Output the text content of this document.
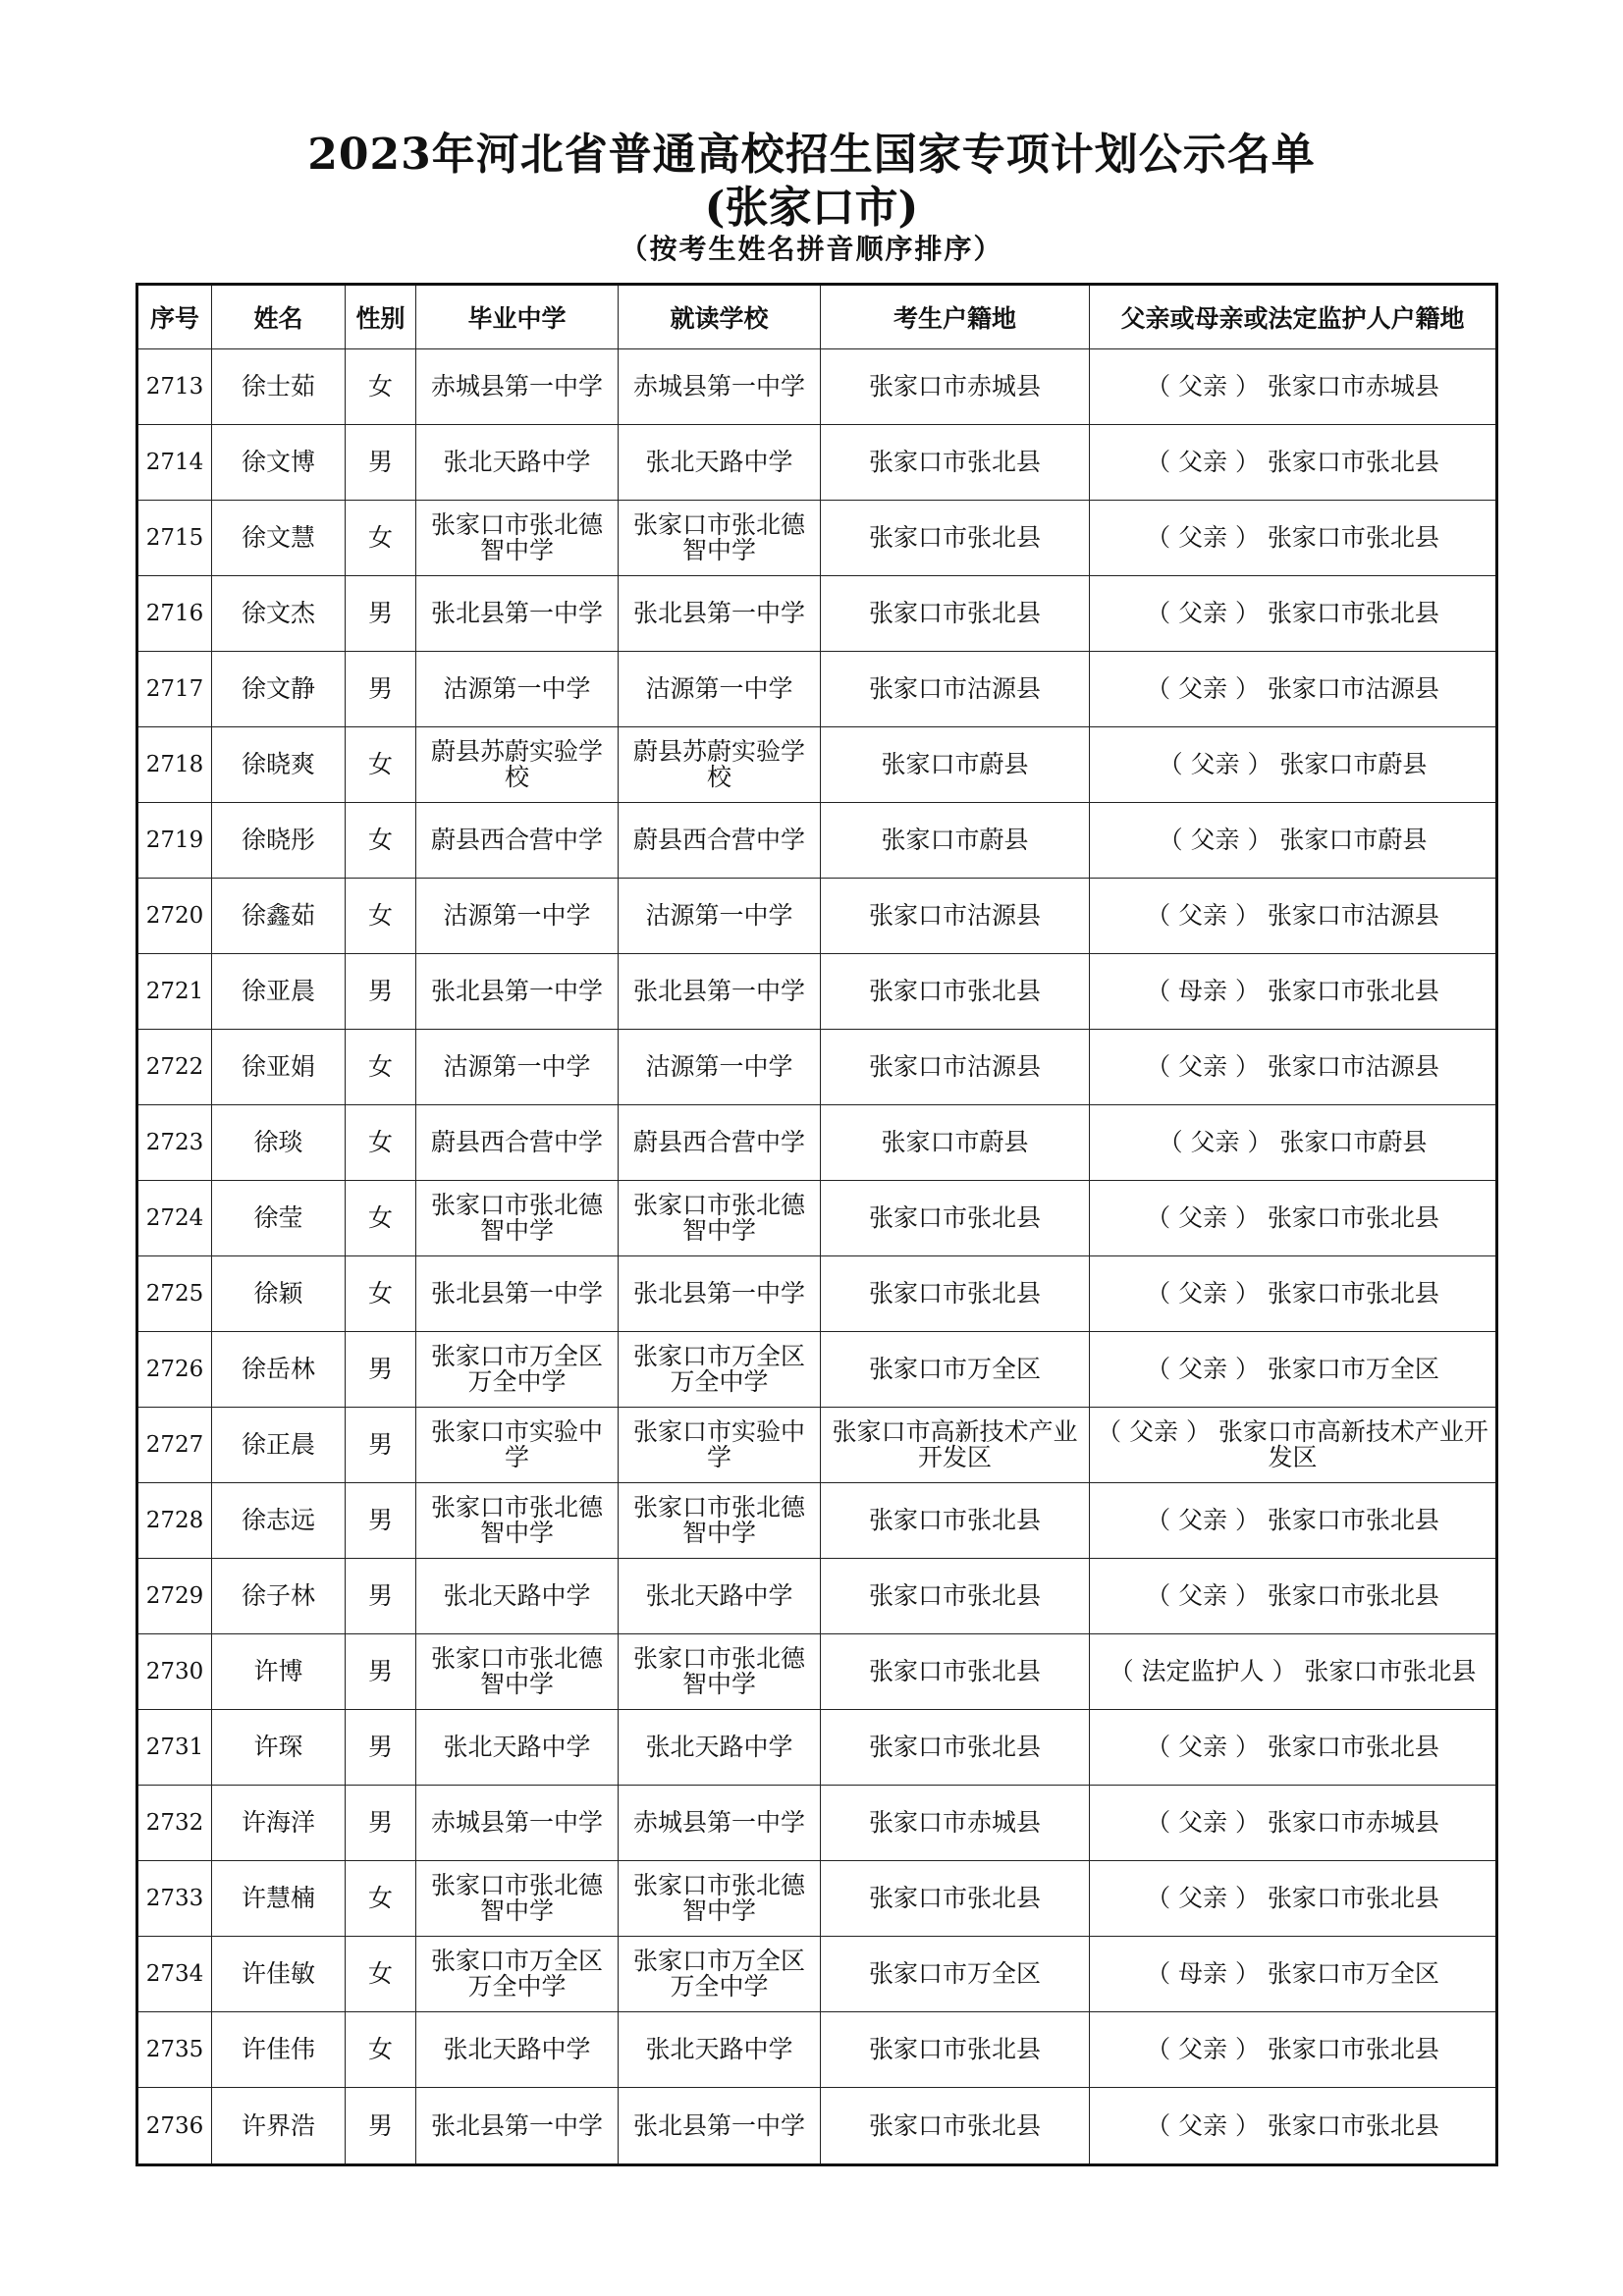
2023年河北省普通高校招生国家专项计划公示名单
(张家口市)
（按考生姓名拼音顺序排序）
序号	姓名	性别	毕业中学	就读学校	考生户籍地	父亲或母亲或法定监护人户籍地
2713	徐士茹	女	赤城县第一中学	赤城县第一中学	张家口市赤城县	（ 父亲 ） 张家口市赤城县
2714	徐文博	男	张北天路中学	张北天路中学	张家口市张北县	（ 父亲 ） 张家口市张北县
2715	徐文慧	女	张家口市张北德智中学	张家口市张北德智中学	张家口市张北县	（ 父亲 ） 张家口市张北县
2716	徐文杰	男	张北县第一中学	张北县第一中学	张家口市张北县	（ 父亲 ） 张家口市张北县
2717	徐文静	男	沽源第一中学	沽源第一中学	张家口市沽源县	（ 父亲 ） 张家口市沽源县
2718	徐晓爽	女	蔚县苏蔚实验学校	蔚县苏蔚实验学校	张家口市蔚县	（ 父亲 ） 张家口市蔚县
2719	徐晓彤	女	蔚县西合营中学	蔚县西合营中学	张家口市蔚县	（ 父亲 ） 张家口市蔚县
2720	徐鑫茹	女	沽源第一中学	沽源第一中学	张家口市沽源县	（ 父亲 ） 张家口市沽源县
2721	徐亚晨	男	张北县第一中学	张北县第一中学	张家口市张北县	（ 母亲 ） 张家口市张北县
2722	徐亚娟	女	沽源第一中学	沽源第一中学	张家口市沽源县	（ 父亲 ） 张家口市沽源县
2723	徐琰	女	蔚县西合营中学	蔚县西合营中学	张家口市蔚县	（ 父亲 ） 张家口市蔚县
2724	徐莹	女	张家口市张北德智中学	张家口市张北德智中学	张家口市张北县	（ 父亲 ） 张家口市张北县
2725	徐颖	女	张北县第一中学	张北县第一中学	张家口市张北县	（ 父亲 ） 张家口市张北县
2726	徐岳林	男	张家口市万全区万全中学	张家口市万全区万全中学	张家口市万全区	（ 父亲 ） 张家口市万全区
2727	徐正晨	男	张家口市实验中学	张家口市实验中学	张家口市高新技术产业开发区	（ 父亲 ） 张家口市高新技术产业开发区
2728	徐志远	男	张家口市张北德智中学	张家口市张北德智中学	张家口市张北县	（ 父亲 ） 张家口市张北县
2729	徐子林	男	张北天路中学	张北天路中学	张家口市张北县	（ 父亲 ） 张家口市张北县
2730	许博	男	张家口市张北德智中学	张家口市张北德智中学	张家口市张北县	（ 法定监护人 ） 张家口市张北县
2731	许琛	男	张北天路中学	张北天路中学	张家口市张北县	（ 父亲 ） 张家口市张北县
2732	许海洋	男	赤城县第一中学	赤城县第一中学	张家口市赤城县	（ 父亲 ） 张家口市赤城县
2733	许慧楠	女	张家口市张北德智中学	张家口市张北德智中学	张家口市张北县	（ 父亲 ） 张家口市张北县
2734	许佳敏	女	张家口市万全区万全中学	张家口市万全区万全中学	张家口市万全区	（ 母亲 ） 张家口市万全区
2735	许佳伟	女	张北天路中学	张北天路中学	张家口市张北县	（ 父亲 ） 张家口市张北县
2736	许界浩	男	张北县第一中学	张北县第一中学	张家口市张北县	（ 父亲 ） 张家口市张北县
